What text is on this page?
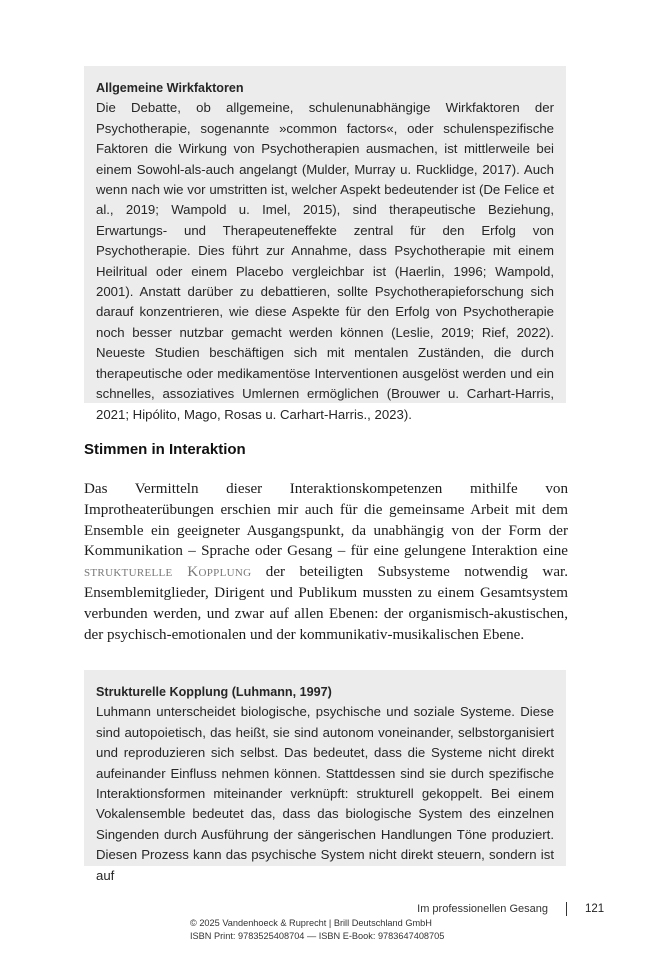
Allgemeine Wirkfaktoren

Die Debatte, ob allgemeine, schulenunabhängige Wirkfaktoren der Psychotherapie, sogenannte »common factors«, oder schulenspezifische Faktoren die Wirkung von Psychotherapien ausmachen, ist mittlerweile bei einem Sowohl-als-auch angelangt (Mulder, Murray u. Rucklidge, 2017). Auch wenn nach wie vor umstritten ist, welcher Aspekt bedeutender ist (De Felice et al., 2019; Wampold u. Imel, 2015), sind therapeutische Beziehung, Erwartungs- und Therapeuteneffekte zentral für den Erfolg von Psychotherapie. Dies führt zur Annahme, dass Psychotherapie mit einem Heilritual oder einem Placebo vergleichbar ist (Haerlin, 1996; Wampold, 2001). Anstatt darüber zu debattieren, sollte Psychotherapieforschung sich darauf konzentrieren, wie diese Aspekte für den Erfolg von Psychotherapie noch besser nutzbar gemacht werden können (Leslie, 2019; Rief, 2022). Neueste Studien beschäftigen sich mit mentalen Zuständen, die durch therapeutische oder medikamentöse Interventionen ausgelöst werden und ein schnelles, assoziatives Umlernen ermöglichen (Brouwer u. Carhart-Harris, 2021; Hipólito, Mago, Rosas u. Carhart-Harris., 2023).

Stimmen in Interaktion

Das Vermitteln dieser Interaktionskompetenzen mithilfe von Improtheaterübungen erschien mir auch für die gemeinsame Arbeit mit dem Ensemble ein geeigneter Ausgangspunkt, da unabhängig von der Form der Kommunikation – Sprache oder Gesang – für eine gelungene Interaktion eine strukturelle Kopplung der beteiligten Subsysteme notwendig war. Ensemblemitglieder, Dirigent und Publikum mussten zu einem Gesamtsystem verbunden werden, und zwar auf allen Ebenen: der organismisch-akustischen, der psychisch-emotionalen und der kommunikativ-musikalischen Ebene.

Strukturelle Kopplung (Luhmann, 1997)

Luhmann unterscheidet biologische, psychische und soziale Systeme. Diese sind autopoietisch, das heißt, sie sind autonom voneinander, selbstorganisiert und reproduzieren sich selbst. Das bedeutet, dass die Systeme nicht direkt aufeinander Einfluss nehmen können. Stattdessen sind sie durch spezifische Interaktionsformen miteinander verknüpft: strukturell gekoppelt. Bei einem Vokalensemble bedeutet das, dass das biologische System des einzelnen Singenden durch Ausführung der sängerischen Handlungen Töne produziert. Diesen Prozess kann das psychische System nicht direkt steuern, sondern ist auf

Im professionellen Gesang	121
© 2025 Vandenhoeck & Ruprecht | Brill Deutschland GmbH
ISBN Print: 9783525408704 — ISBN E-Book: 9783647408705
